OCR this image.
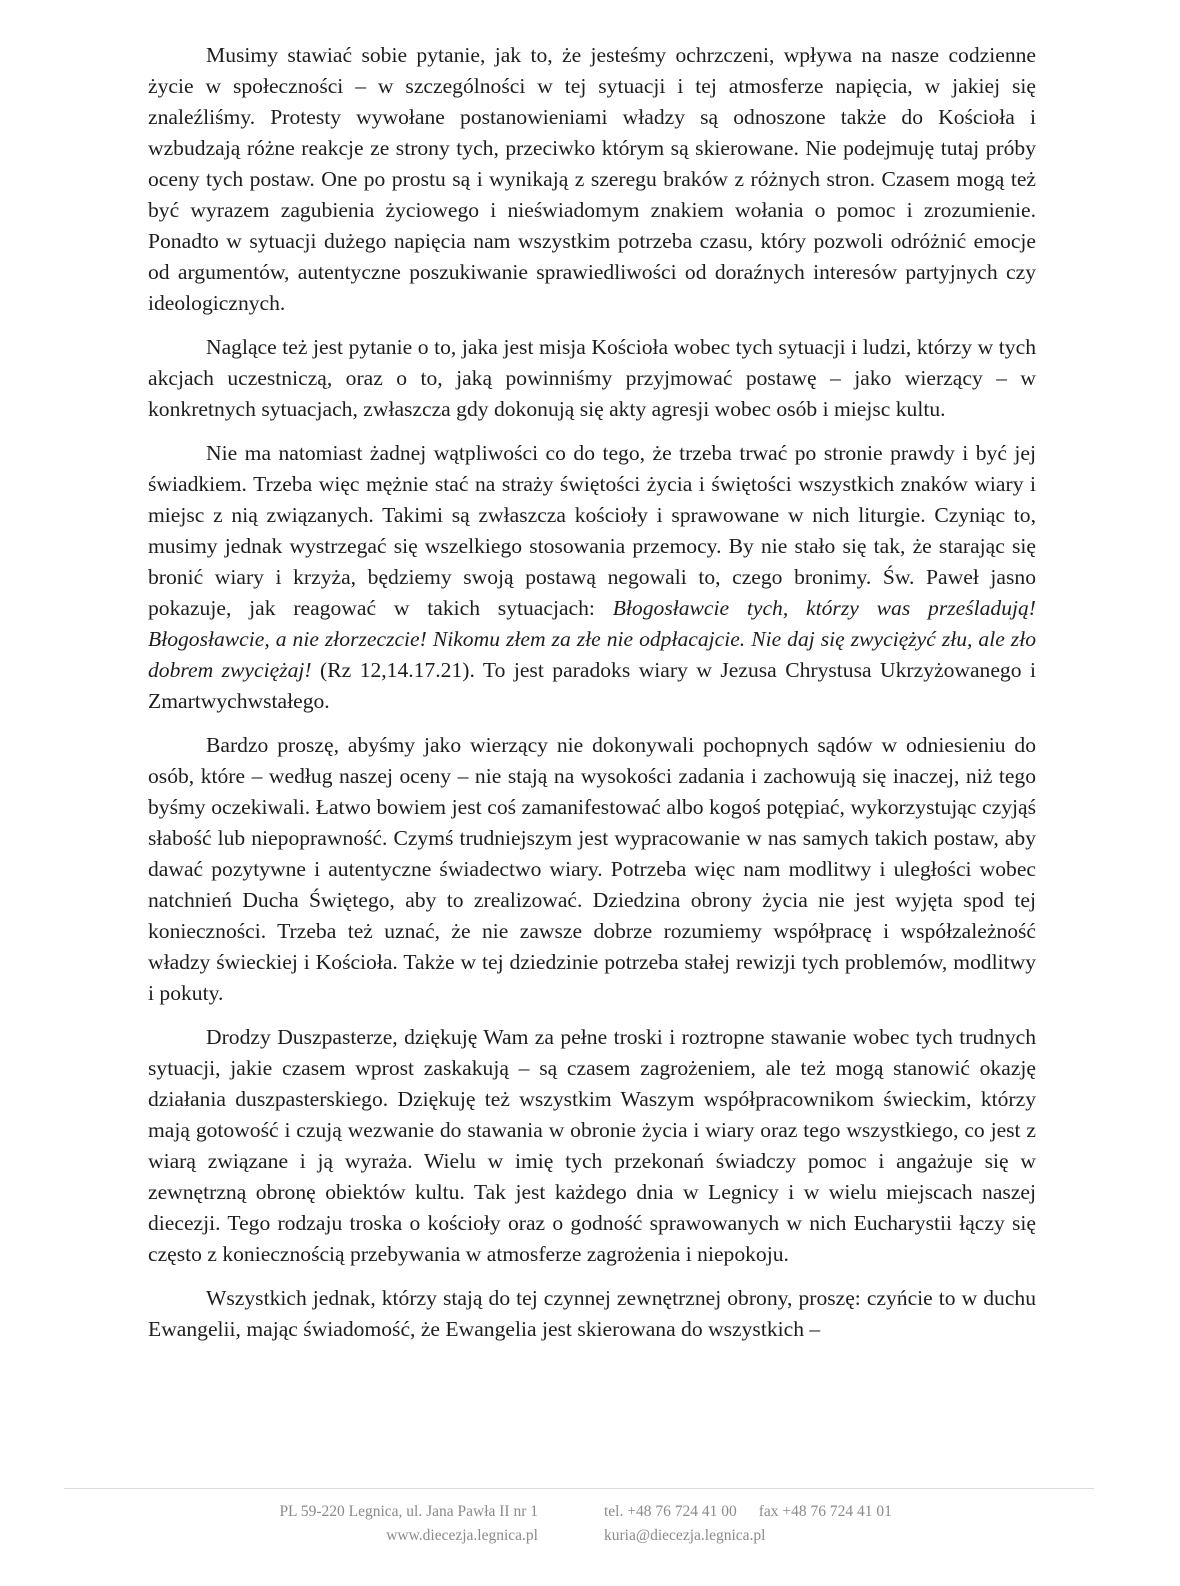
Musimy stawiać sobie pytanie, jak to, że jesteśmy ochrzczeni, wpływa na nasze codzienne życie w społeczności – w szczególności w tej sytuacji i tej atmosferze napięcia, w jakiej się znaleźliśmy. Protesty wywołane postanowieniami władzy są odnoszone także do Kościoła i wzbudzają różne reakcje ze strony tych, przeciwko którym są skierowane. Nie podejmuję tutaj próby oceny tych postaw. One po prostu są i wynikają z szeregu braków z różnych stron. Czasem mogą też być wyrazem zagubienia życiowego i nieświadomym znakiem wołania o pomoc i zrozumienie. Ponadto w sytuacji dużego napięcia nam wszystkim potrzeba czasu, który pozwoli odróżnić emocje od argumentów, autentyczne poszukiwanie sprawiedliwości od doraźnych interesów partyjnych czy ideologicznych.

Naglące też jest pytanie o to, jaka jest misja Kościoła wobec tych sytuacji i ludzi, którzy w tych akcjach uczestniczą, oraz o to, jaką powinniśmy przyjmować postawę – jako wierzący – w konkretnych sytuacjach, zwłaszcza gdy dokonują się akty agresji wobec osób i miejsc kultu.

Nie ma natomiast żadnej wątpliwości co do tego, że trzeba trwać po stronie prawdy i być jej świadkiem. Trzeba więc mężnie stać na straży świętości życia i świętości wszystkich znaków wiary i miejsc z nią związanych. Takimi są zwłaszcza kościoły i sprawowane w nich liturgie. Czyniąc to, musimy jednak wystrzegać się wszelkiego stosowania przemocy. By nie stało się tak, że starając się bronić wiary i krzyża, będziemy swoją postawą negowali to, czego bronimy. Św. Paweł jasno pokazuje, jak reagować w takich sytuacjach: Błogosławcie tych, którzy was prześladują! Błogosławcie, a nie złorzeczcie! Nikomu złem za złe nie odpłacajcie. Nie daj się zwyciężyć złu, ale zło dobrem zwyciężaj! (Rz 12,14.17.21). To jest paradoks wiary w Jezusa Chrystusa Ukrzyżowanego i Zmartwychwstałego.

Bardzo proszę, abyśmy jako wierzący nie dokonywali pochopnych sądów w odniesieniu do osób, które – według naszej oceny – nie stają na wysokości zadania i zachowują się inaczej, niż tego byśmy oczekiwali. Łatwo bowiem jest coś zamanifestować albo kogoś potępiać, wykorzystując czyjąś słabość lub niepoprawność. Czymś trudniejszym jest wypracowanie w nas samych takich postaw, aby dawać pozytywne i autentyczne świadectwo wiary. Potrzeba więc nam modlitwy i uległości wobec natchnień Ducha Świętego, aby to zrealizować. Dziedzina obrony życia nie jest wyjęta spod tej konieczności. Trzeba też uznać, że nie zawsze dobrze rozumiemy współpracę i współzależność władzy świeckiej i Kościoła. Także w tej dziedzinie potrzeba stałej rewizji tych problemów, modlitwy i pokuty.

Drodzy Duszpasterze, dziękuję Wam za pełne troski i roztropne stawanie wobec tych trudnych sytuacji, jakie czasem wprost zaskakują – są czasem zagrożeniem, ale też mogą stanowić okazję działania duszpasterskiego. Dziękuję też wszystkim Waszym współpracownikom świeckim, którzy mają gotowość i czują wezwanie do stawania w obronie życia i wiary oraz tego wszystkiego, co jest z wiarą związane i ją wyraża. Wielu w imię tych przekonań świadczy pomoc i angażuje się w zewnętrzną obronę obiektów kultu. Tak jest każdego dnia w Legnicy i w wielu miejscach naszej diecezji. Tego rodzaju troska o kościoły oraz o godność sprawowanych w nich Eucharystii łączy się często z koniecznością przebywania w atmosferze zagrożenia i niepokoju.

Wszystkich jednak, którzy stają do tej czynnej zewnętrznej obrony, proszę: czyńcie to w duchu Ewangelii, mając świadomość, że Ewangelia jest skierowana do wszystkich –

PL 59-220 Legnica, ul. Jana Pawła II nr 1
www.diecezja.legnica.pl
tel. +48 76 724 41 00 fax +48 76 724 41 01
kuria@diecezja.legnica.pl
